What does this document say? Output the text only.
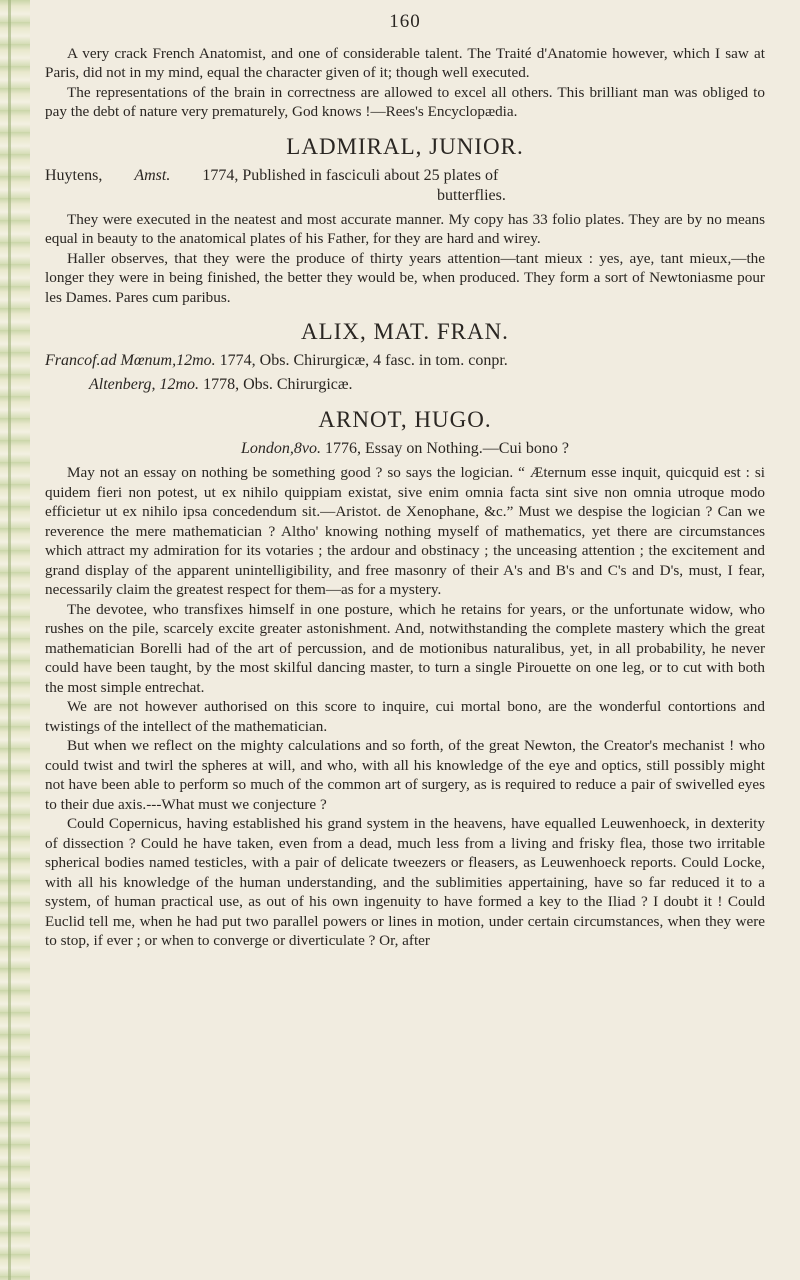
160

A very crack French Anatomist, and one of considerable talent. The Traité d'Anatomie however, which I saw at Paris, did not in my mind, equal the character given of it; though well executed.

The representations of the brain in correctness are allowed to excel all others. This brilliant man was obliged to pay the debt of nature very prematurely, God knows !—Rees's Encyclopædia.

LADMIRAL, JUNIOR.
Huytens, Amst. 1774, Published in fasciculi about 25 plates of
butterflies.

They were executed in the neatest and most accurate manner. My copy has 33 folio plates. They are by no means equal in beauty to the anatomical plates of his Father, for they are hard and wirey.

Haller observes, that they were the produce of thirty years attention—tant mieux : yes, aye, tant mieux,—the longer they were in being finished, the better they would be, when produced. They form a sort of Newtoniasme pour les Dames. Pares cum paribus.

ALIX, MAT. FRAN.
Francof.ad Mœnum,12mo. 1774, Obs. Chirurgicæ, 4 fasc. in tom. conpr.
Altenberg, 12mo. 1778, Obs. Chirurgicæ.
ARNOT, HUGO.
London,8vo. 1776, Essay on Nothing.—Cui bono ?

May not an essay on nothing be something good ? so says the logician. “ Æternum esse inquit, quicquid est : si quidem fieri non potest, ut ex nihilo quippiam existat, sive enim omnia facta sint sive non omnia utroque modo efficietur ut ex nihilo ipsa concedendum sit.—Aristot. de Xenophane, &c.” Must we despise the logician ? Can we reverence the mere mathematician ? Altho' knowing nothing myself of mathematics, yet there are circumstances which attract my admiration for its votaries ; the ardour and obstinacy ; the unceasing attention ; the excitement and grand display of the apparent unintelligibility, and free masonry of their A's and B's and C's and D's, must, I fear, necessarily claim the greatest respect for them—as for a mystery.

The devotee, who transfixes himself in one posture, which he retains for years, or the unfortunate widow, who rushes on the pile, scarcely excite greater astonishment. And, notwithstanding the complete mastery which the great mathematician Borelli had of the art of percussion, and de motionibus naturalibus, yet, in all probability, he never could have been taught, by the most skilful dancing master, to turn a single Pirouette on one leg, or to cut with both the most simple entrechat.

We are not however authorised on this score to inquire, cui mortal bono, are the wonderful contortions and twistings of the intellect of the mathematician.

But when we reflect on the mighty calculations and so forth, of the great Newton, the Creator's mechanist ! who could twist and twirl the spheres at will, and who, with all his knowledge of the eye and optics, still possibly might not have been able to perform so much of the common art of surgery, as is required to reduce a pair of swivelled eyes to their due axis.---What must we conjecture ?

Could Copernicus, having established his grand system in the heavens, have equalled Leuwenhoeck, in dexterity of dissection ? Could he have taken, even from a dead, much less from a living and frisky flea, those two irritable spherical bodies named testicles, with a pair of delicate tweezers or fleasers, as Leuwenhoeck reports. Could Locke, with all his knowledge of the human understanding, and the sublimities appertaining, have so far reduced it to a system, of human practical use, as out of his own ingenuity to have formed a key to the Iliad ? I doubt it ! Could Euclid tell me, when he had put two parallel powers or lines in motion, under certain circumstances, when they were to stop, if ever ; or when to converge or diverticulate ? Or, after
